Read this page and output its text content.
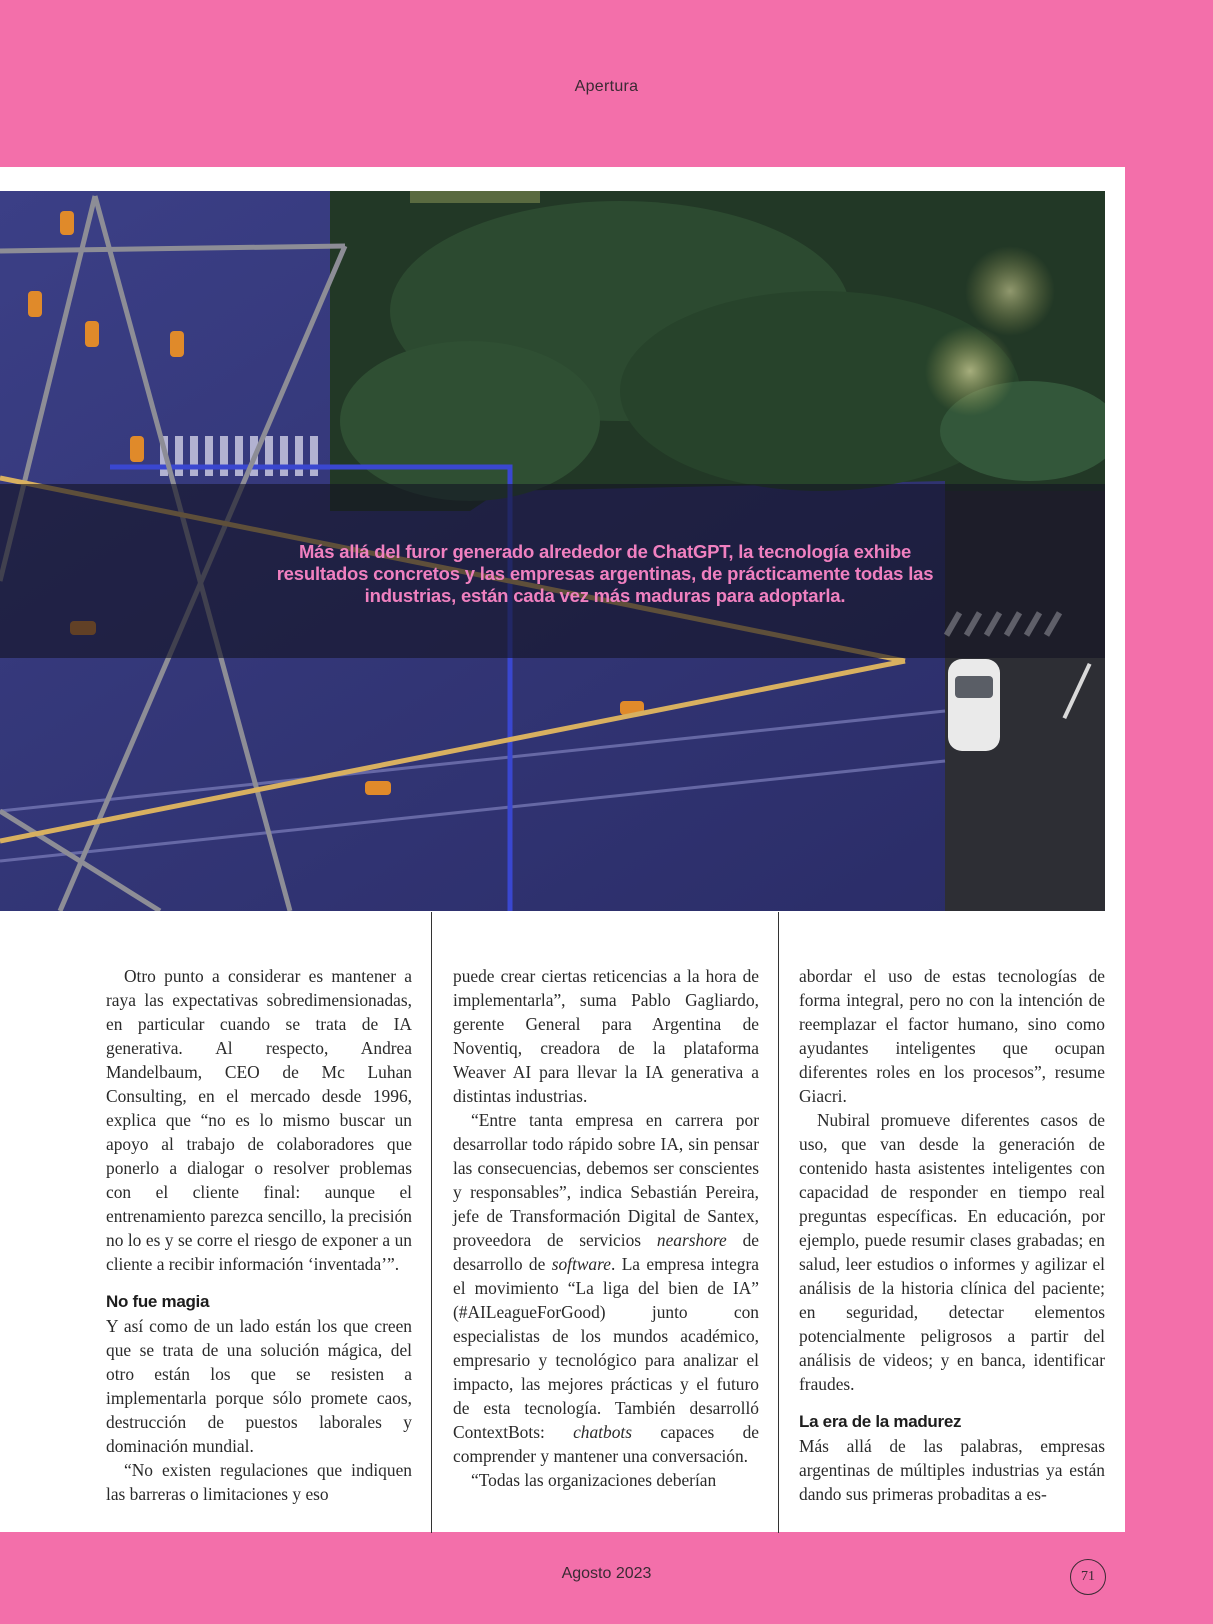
Apertura
Más allá del furor generado alrededor de ChatGPT, la tecnología exhibe resultados concretos y las empresas argentinas, de prácticamente todas las industrias, están cada vez más maduras para adoptarla.

Otro punto a considerar es mantener a raya las expectativas sobredimensionadas, en particular cuando se trata de IA generativa. Al respecto, Andrea Mandelbaum, CEO de Mc Luhan Consulting, en el mercado desde 1996, explica que “no es lo mismo buscar un apoyo al trabajo de colaboradores que ponerlo a dialogar o resolver problemas con el cliente final: aunque el entrenamiento parezca sencillo, la precisión no lo es y se corre el riesgo de exponer a un cliente a recibir información ‘inventada’”.

No fue magia

Y así como de un lado están los que creen que se trata de una solución mágica, del otro están los que se resisten a implementarla porque sólo promete caos, destrucción de puestos laborales y dominación mundial.

“No existen regulaciones que indiquen las barreras o limitaciones y eso

puede crear ciertas reticencias a la hora de implementarla”, suma Pablo Gagliardo, gerente General para Argentina de Noventiq, creadora de la plataforma Weaver AI para llevar la IA generativa a distintas industrias.

“Entre tanta empresa en carrera por desarrollar todo rápido sobre IA, sin pensar las consecuencias, debemos ser conscientes y responsables”, indica Sebastián Pereira, jefe de Transformación Digital de Santex, proveedora de servicios nearshore de desarrollo de software. La empresa integra el movimiento “La liga del bien de IA” (#AILeagueForGood) junto con especialistas de los mundos académico, empresario y tecnológico para analizar el impacto, las mejores prácticas y el futuro de esta tecnología. También desarrolló ContextBots: chatbots capaces de comprender y mantener una conversación.

“Todas las organizaciones deberían

abordar el uso de estas tecnologías de forma integral, pero no con la intención de reemplazar el factor humano, sino como ayudantes inteligentes que ocupan diferentes roles en los procesos”, resume Giacri.

Nubiral promueve diferentes casos de uso, que van desde la generación de contenido hasta asistentes inteligentes con capacidad de responder en tiempo real preguntas específicas. En educación, por ejemplo, puede resumir clases grabadas; en salud, leer estudios o informes y agilizar el análisis de la historia clínica del paciente; en seguridad, detectar elementos potencialmente peligrosos a partir del análisis de videos; y en banca, identificar fraudes.

La era de la madurez

Más allá de las palabras, empresas argentinas de múltiples industrias ya están dando sus primeras probaditas a es-

Agosto 2023	71
